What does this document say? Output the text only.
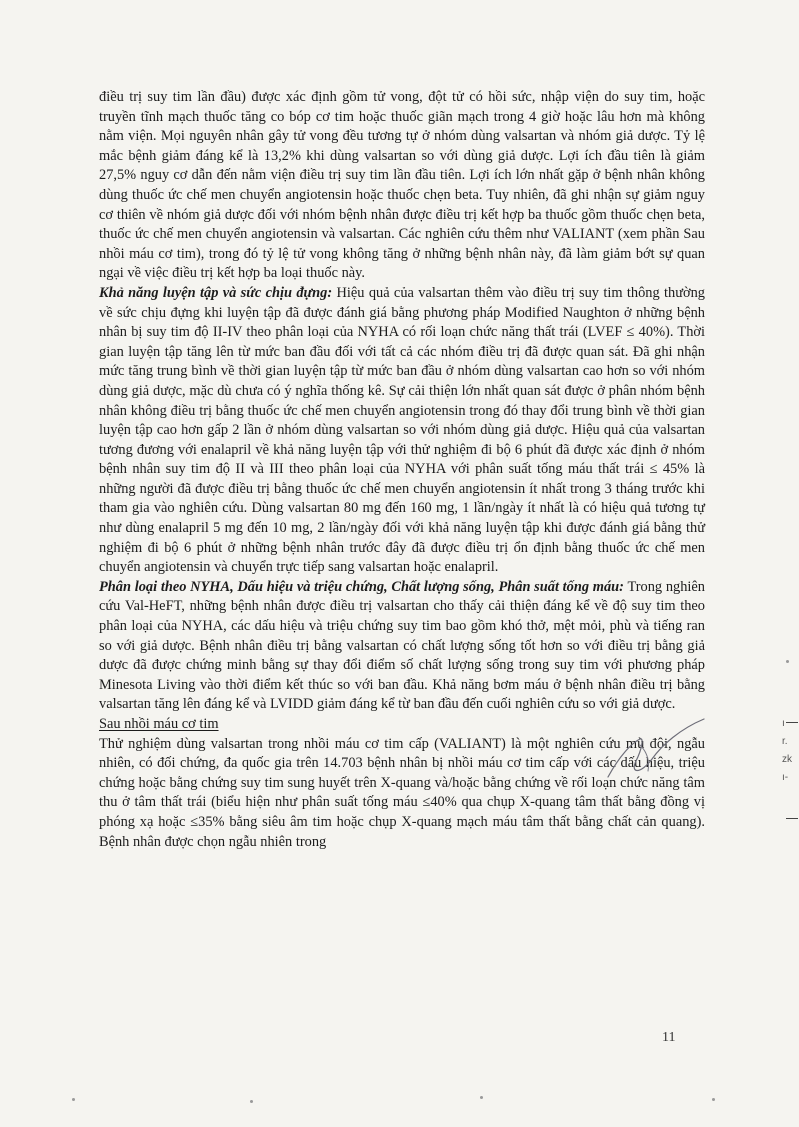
điều trị suy tim lần đầu) được xác định gồm tử vong, đột tử có hồi sức, nhập viện do suy tim, hoặc truyền tĩnh mạch thuốc tăng co bóp cơ tim hoặc thuốc giãn mạch trong 4 giờ hoặc lâu hơn mà không nằm viện. Mọi nguyên nhân gây tử vong đều tương tự ở nhóm dùng valsartan và nhóm giả dược. Tỷ lệ mắc bệnh giảm đáng kể là 13,2% khi dùng valsartan so với dùng giả dược. Lợi ích đầu tiên là giảm 27,5% nguy cơ dẫn đến nằm viện điều trị suy tim lần đầu tiên. Lợi ích lớn nhất gặp ở bệnh nhân không dùng thuốc ức chế men chuyển angiotensin hoặc thuốc chẹn beta. Tuy nhiên, đã ghi nhận sự giảm nguy cơ thiên về nhóm giả dược đối với nhóm bệnh nhân được điều trị kết hợp ba thuốc gồm thuốc chẹn beta, thuốc ức chế men chuyển angiotensin và valsartan. Các nghiên cứu thêm như VALIANT (xem phần Sau nhồi máu cơ tim), trong đó tỷ lệ tử vong không tăng ở những bệnh nhân này, đã làm giảm bớt sự quan ngại về việc điều trị kết hợp ba loại thuốc này.

Khả năng luyện tập và sức chịu đựng: Hiệu quả của valsartan thêm vào điều trị suy tim thông thường về sức chịu đựng khi luyện tập đã được đánh giá bằng phương pháp Modified Naughton ở những bệnh nhân bị suy tim độ II-IV theo phân loại của NYHA có rối loạn chức năng thất trái (LVEF ≤ 40%). Thời gian luyện tập tăng lên từ mức ban đầu đối với tất cả các nhóm điều trị đã được quan sát. Đã ghi nhận mức tăng trung bình về thời gian luyện tập từ mức ban đầu ở nhóm dùng valsartan cao hơn so với nhóm dùng giả dược, mặc dù chưa có ý nghĩa thống kê. Sự cải thiện lớn nhất quan sát được ở phân nhóm bệnh nhân không điều trị bằng thuốc ức chế men chuyển angiotensin trong đó thay đổi trung bình về thời gian luyện tập cao hơn gấp 2 lần ở nhóm dùng valsartan so với nhóm dùng giả dược. Hiệu quả của valsartan tương đương với enalapril về khả năng luyện tập với thử nghiệm đi bộ 6 phút đã được xác định ở nhóm bệnh nhân suy tim độ II và III theo phân loại của NYHA với phân suất tống máu thất trái ≤ 45% là những người đã được điều trị bằng thuốc ức chế men chuyển angiotensin ít nhất trong 3 tháng trước khi tham gia vào nghiên cứu. Dùng valsartan 80 mg đến 160 mg, 1 lần/ngày ít nhất là có hiệu quả tương tự như dùng enalapril 5 mg đến 10 mg, 2 lần/ngày đối với khả năng luyện tập khi được đánh giá bằng thử nghiệm đi bộ 6 phút ở những bệnh nhân trước đây đã được điều trị ổn định bằng thuốc ức chế men chuyển angiotensin và chuyển trực tiếp sang valsartan hoặc enalapril.

Phân loại theo NYHA, Dấu hiệu và triệu chứng, Chất lượng sống, Phân suất tống máu: Trong nghiên cứu Val-HeFT, những bệnh nhân được điều trị valsartan cho thấy cải thiện đáng kể về độ suy tim theo phân loại của NYHA, các dấu hiệu và triệu chứng suy tim bao gồm khó thở, mệt mỏi, phù và tiếng ran so với giả dược. Bệnh nhân điều trị bằng valsartan có chất lượng sống tốt hơn so với điều trị bằng giả dược đã được chứng minh bằng sự thay đổi điểm số chất lượng sống trong suy tim với phương pháp Minesota Living vào thời điểm kết thúc so với ban đầu. Khả năng bơm máu ở bệnh nhân điều trị bằng valsartan tăng lên đáng kể và LVIDD giảm đáng kể từ ban đầu đến cuối nghiên cứu so với giả dược.

Sau nhồi máu cơ tim

Thử nghiệm dùng valsartan trong nhồi máu cơ tim cấp (VALIANT) là một nghiên cứu mù đôi, ngẫu nhiên, có đối chứng, đa quốc gia trên 14.703 bệnh nhân bị nhồi máu cơ tim cấp với các dấu hiệu, triệu chứng hoặc bằng chứng suy tim sung huyết trên X-quang và/hoặc bằng chứng về rối loạn chức năng tâm thu ở tâm thất trái (biểu hiện như phân suất tống máu ≤40% qua chụp X-quang tâm thất bằng đồng vị phóng xạ hoặc ≤35% bằng siêu âm tim hoặc chụp X-quang mạch máu tâm thất bằng chất cản quang). Bệnh nhân được chọn ngẫu nhiên trong

11
ı
r.
zk
ı-
